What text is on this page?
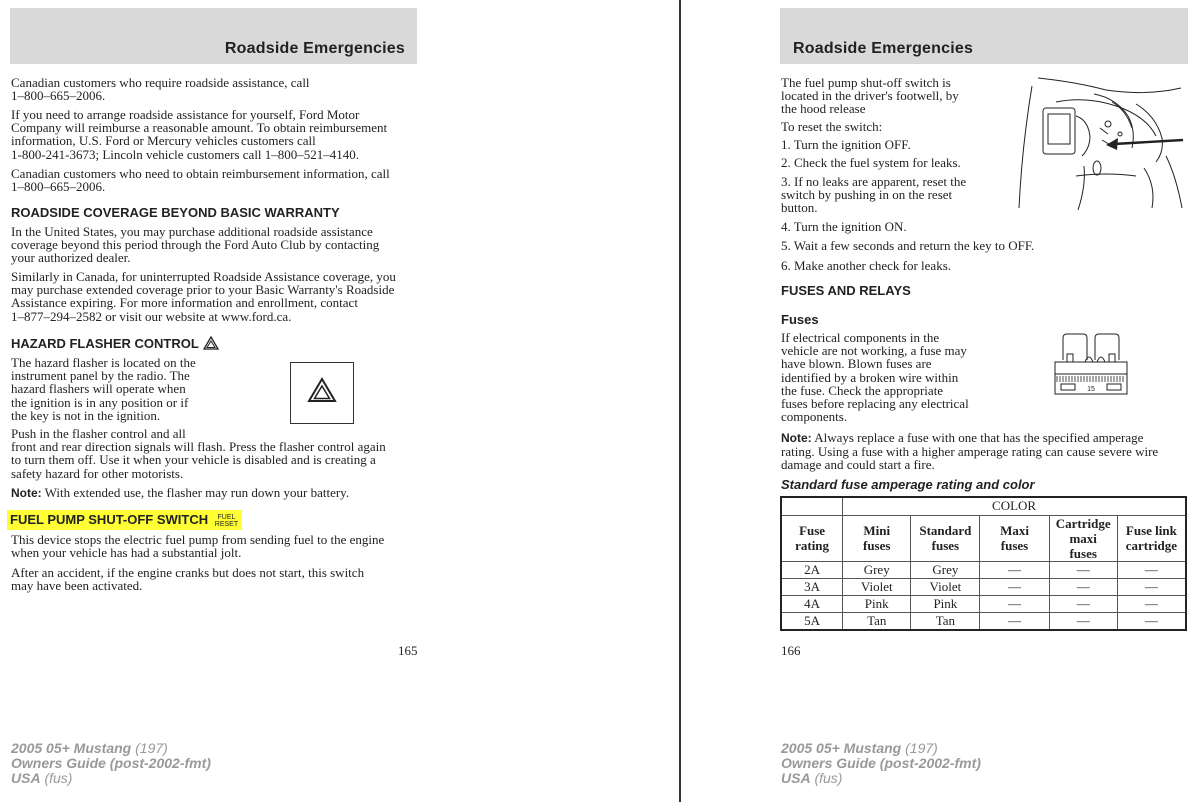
Roadside Emergencies

Canadian customers who require roadside assistance, call
1–800–665–2006.

If you need to arrange roadside assistance for yourself, Ford Motor
Company will reimburse a reasonable amount. To obtain reimbursement
information, U.S. Ford or Mercury vehicles customers call
1-800-241-3673; Lincoln vehicle customers call 1–800–521–4140.

Canadian customers who need to obtain reimbursement information, call
1–800–665–2006.

ROADSIDE COVERAGE BEYOND BASIC WARRANTY

In the United States, you may purchase additional roadside assistance
coverage beyond this period through the Ford Auto Club by contacting
your authorized dealer.

Similarly in Canada, for uninterrupted Roadside Assistance coverage, you
may purchase extended coverage prior to your Basic Warranty's Roadside
Assistance expiring. For more information and enrollment, contact
1–877–294–2582 or visit our website at www.ford.ca.

HAZARD FLASHER CONTROL

The hazard flasher is located on the
instrument panel by the radio. The
hazard flashers will operate when
the ignition is in any position or if
the key is not in the ignition.

Push in the flasher control and all
front and rear direction signals will flash. Press the flasher control again
to turn them off. Use it when your vehicle is disabled and is creating a
safety hazard for other motorists.

Note: With extended use, the flasher may run down your battery.

FUEL PUMP SHUT-OFF SWITCH FUEL
RESET

This device stops the electric fuel pump from sending fuel to the engine
when your vehicle has had a substantial jolt.

After an accident, if the engine cranks but does not start, this switch
may have been activated.

165
2005 05+ Mustang (197)
Owners Guide (post-2002-fmt)
USA (fus)
Roadside Emergencies

The fuel pump shut-off switch is
located in the driver's footwell, by
the hood release

To reset the switch:

1. Turn the ignition OFF.

2. Check the fuel system for leaks.

3. If no leaks are apparent, reset the
switch by pushing in on the reset
button.

4. Turn the ignition ON.

5. Wait a few seconds and return the key to OFF.

6. Make another check for leaks.

FUSES AND RELAYS
Fuses

If electrical components in the
vehicle are not working, a fuse may
have blown. Blown fuses are
identified by a broken wire within
the fuse. Check the appropriate
fuses before replacing any electrical
components.

15

Note: Always replace a fuse with one that has the specified amperage
rating. Using a fuse with a higher amperage rating can cause severe wire
damage and could start a fire.

Standard fuse amperage rating and color
	COLOR				
Fuse
rating	Mini
fuses	Standard
fuses	Maxi
fuses	Cartridge
maxi
fuses	Fuse link
cartridge
2A	Grey	Grey	—	—	—
3A	Violet	Violet	—	—	—
4A	Pink	Pink	—	—	—
5A	Tan	Tan	—	—	—
166
2005 05+ Mustang (197)
Owners Guide (post-2002-fmt)
USA (fus)
